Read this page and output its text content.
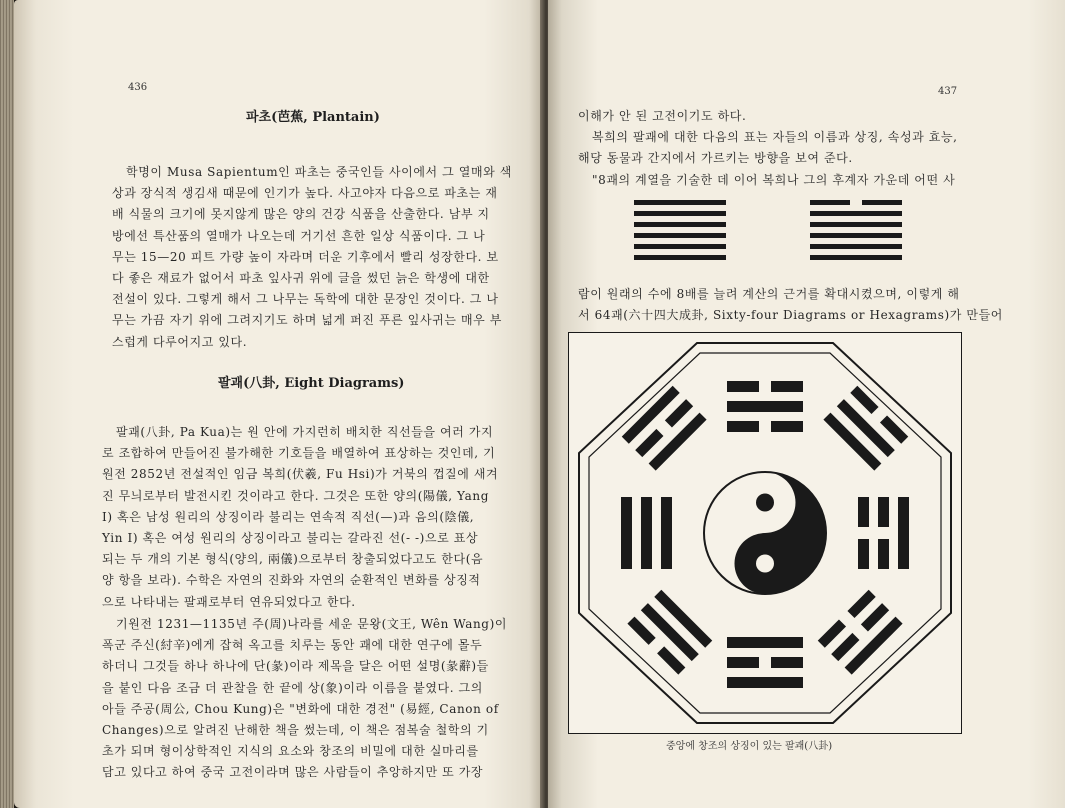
436
파초(芭蕉, Plantain)

학명이 Musa Sapientum인 파초는 중국인들 사이에서 그 열매와 색

상과 장식적 생김새 때문에 인기가 높다. 사고야자 다음으로 파초는 재

배 식물의 크기에 못지않게 많은 양의 건강 식품을 산출한다. 남부 지

방에선 특산품의 열매가 나오는데 거기선 흔한 일상 식품이다. 그 나

무는 15—20 피트 가량 높이 자라며 더운 기후에서 빨리 성장한다. 보

다 좋은 재료가 없어서 파초 잎사귀 위에 글을 썼던 늙은 학생에 대한

전설이 있다. 그렇게 해서 그 나무는 독학에 대한 문장인 것이다. 그 나

무는 가끔 자기 위에 그려지기도 하며 넓게 퍼진 푸른 잎사귀는 매우 부

스럽게 다루어지고 있다.

팔괘(八卦, Eight Diagrams)

팔괘(八卦, Pa Kua)는 원 안에 가지런히 배치한 직선들을 여러 가지

로 조합하여 만들어진 불가해한 기호들을 배열하여 표상하는 것인데, 기

원전 2852년 전설적인 임금 복희(伏羲, Fu Hsi)가 거북의 껍질에 새겨

진 무늬로부터 발전시킨 것이라고 한다. 그것은 또한 양의(陽儀, Yang

I) 혹은 남성 원리의 상징이라 불리는 연속적 직선(—)과 음의(陰儀,

Yin I) 혹은 여성 원리의 상징이라고 불리는 갈라진 선(- -)으로 표상

되는 두 개의 기본 형식(양의, 兩儀)으로부터 창출되었다고도 한다(음

양 항을 보라). 수학은 자연의 진화와 자연의 순환적인 변화를 상징적

으로 나타내는 팔괘로부터 연유되었다고 한다.

기원전 1231—1135년 주(周)나라를 세운 문왕(文王, Wên Wang)이

폭군 주신(紂辛)에게 잡혀 옥고를 치루는 동안 괘에 대한 연구에 몰두

하더니 그것들 하나 하나에 단(彖)이라 제목을 달은 어떤 설명(彖辭)들

을 붙인 다음 조금 더 관찰을 한 끝에 상(象)이라 이름을 붙였다. 그의

아들 주공(周公, Chou Kung)은 "변화에 대한 경전" (易經, Canon of

Changes)으로 알려진 난해한 책을 썼는데, 이 책은 점복술 철학의 기

초가 되며 형이상학적인 지식의 요소와 창조의 비밀에 대한 실마리를

담고 있다고 하여 중국 고전이라며 많은 사람들이 추앙하지만 또 가장

437

이해가 안 된 고전이기도 하다.

복희의 팔괘에 대한 다음의 표는 자들의 이름과 상징, 속성과 효능,

해당 동물과 간지에서 가르키는 방향을 보여 준다.

"8괘의 계열을 기술한 데 이어 복희나 그의 후계자 가운데 어떤 사

람이 원래의 수에 8배를 늘려 계산의 근거를 확대시켰으며, 이렇게 해

서 64괘(六十四大成卦, Sixty-four Diagrams or Hexagrams)가 만들어

중앙에 창조의 상징이 있는 팔괘(八卦)
